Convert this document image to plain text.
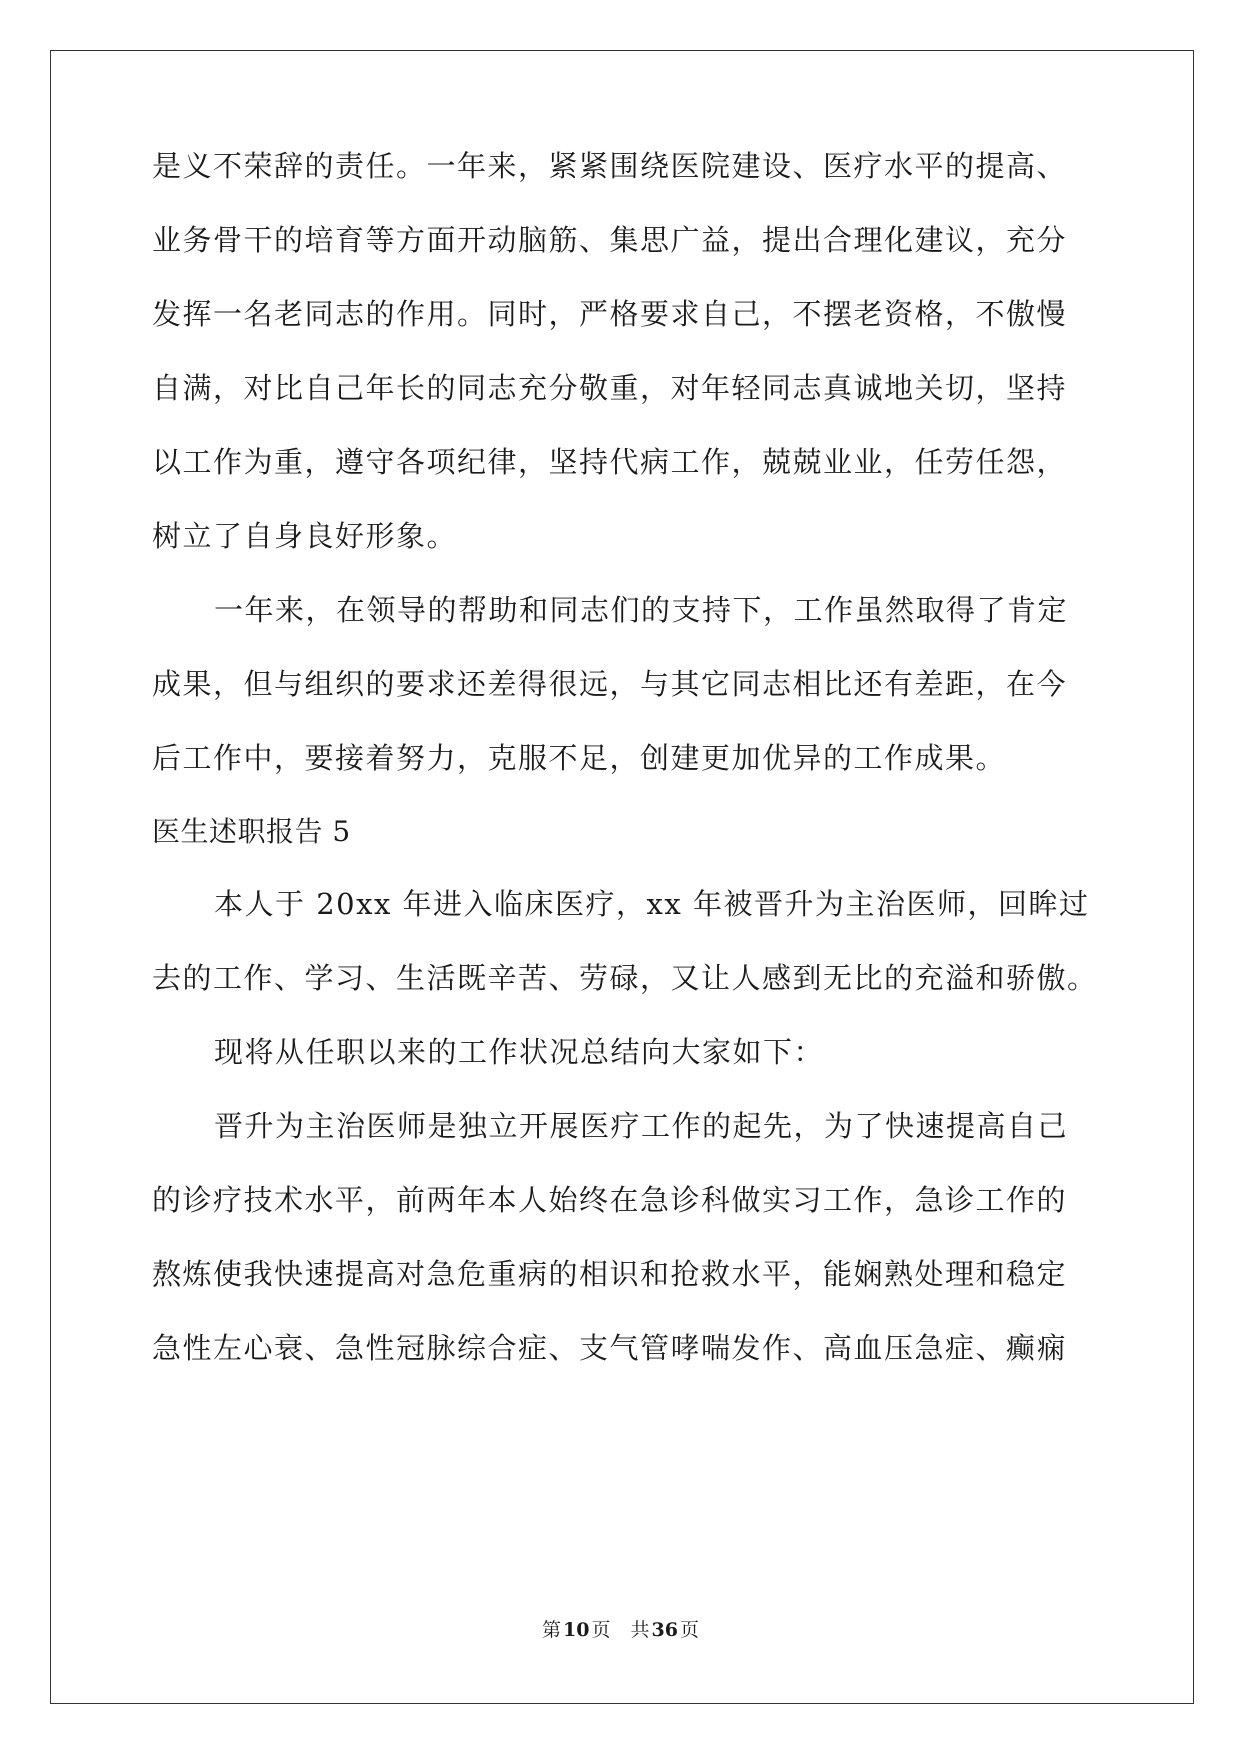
是义不荣辞的责任。一年来，紧紧围绕医院建设、医疗水平的提高、
业务骨干的培育等方面开动脑筋、集思广益，提出合理化建议，充分
发挥一名老同志的作用。同时，严格要求自己，不摆老资格，不傲慢
自满，对比自己年长的同志充分敬重，对年轻同志真诚地关切，坚持
以工作为重，遵守各项纪律，坚持代病工作，兢兢业业，任劳任怨，
树立了自身良好形象。
一年来，在领导的帮助和同志们的支持下，工作虽然取得了肯定
成果，但与组织的要求还差得很远，与其它同志相比还有差距，在今
后工作中，要接着努力，克服不足，创建更加优异的工作成果。
医生述职报告 5
本人于 20xx 年进入临床医疗，xx 年被晋升为主治医师，回眸过
去的工作、学习、生活既辛苦、劳碌，又让人感到无比的充溢和骄傲。
现将从任职以来的工作状况总结向大家如下：
晋升为主治医师是独立开展医疗工作的起先，为了快速提高自己
的诊疗技术水平，前两年本人始终在急诊科做实习工作，急诊工作的
熬炼使我快速提高对急危重病的相识和抢救水平，能娴熟处理和稳定
急性左心衰、急性冠脉综合症、支气管哮喘发作、高血压急症、癫痫
第 10 页 共 36 页
